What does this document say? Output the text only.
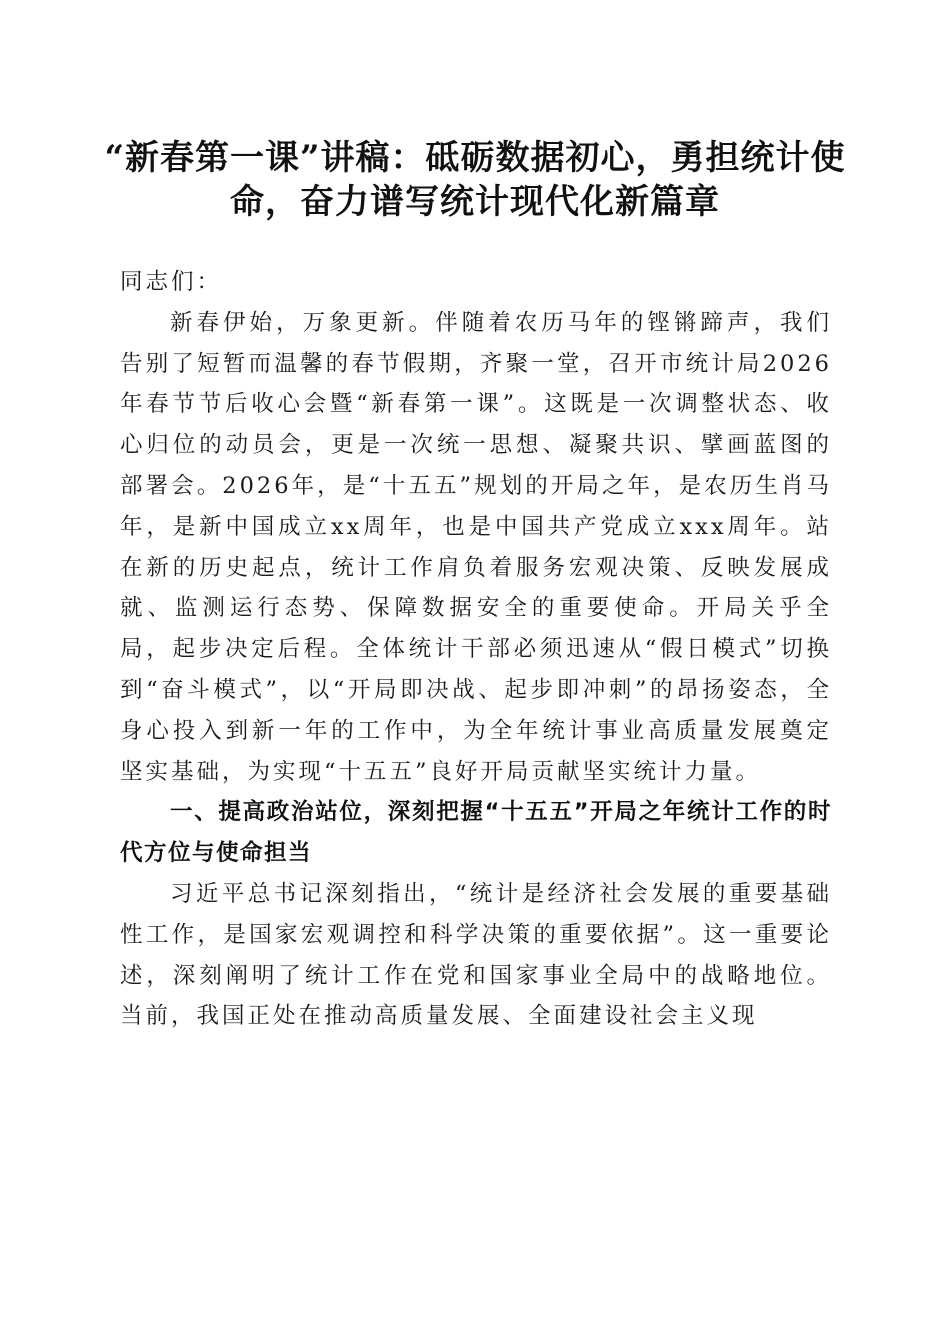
“新春第一课”讲稿：砥砺数据初心，勇担统计使命，奋力谱写统计现代化新篇章

同志们：

新春伊始，万象更新。伴随着农历马年的铿锵蹄声，我们告别了短暂而温馨的春节假期，齐聚一堂，召开市统计局2026年春节节后收心会暨“新春第一课”。这既是一次调整状态、收心归位的动员会，更是一次统一思想、凝聚共识、擘画蓝图的部署会。2026年，是“十五五”规划的开局之年，是农历生肖马年，是新中国成立xx周年，也是中国共产党成立xxx周年。站在新的历史起点，统计工作肩负着服务宏观决策、反映发展成就、监测运行态势、保障数据安全的重要使命。开局关乎全局，起步决定后程。全体统计干部必须迅速从“假日模式”切换到“奋斗模式”，以“开局即决战、起步即冲刺”的昂扬姿态，全身心投入到新一年的工作中，为全年统计事业高质量发展奠定坚实基础，为实现“十五五”良好开局贡献坚实统计力量。

一、提高政治站位，深刻把握“十五五”开局之年统计工作的时代方位与使命担当

习近平总书记深刻指出，“统计是经济社会发展的重要基础性工作，是国家宏观调控和科学决策的重要依据”。这一重要论述，深刻阐明了统计工作在党和国家事业全局中的战略地位。当前，我国正处在推动高质量发展、全面建设社会主义现
